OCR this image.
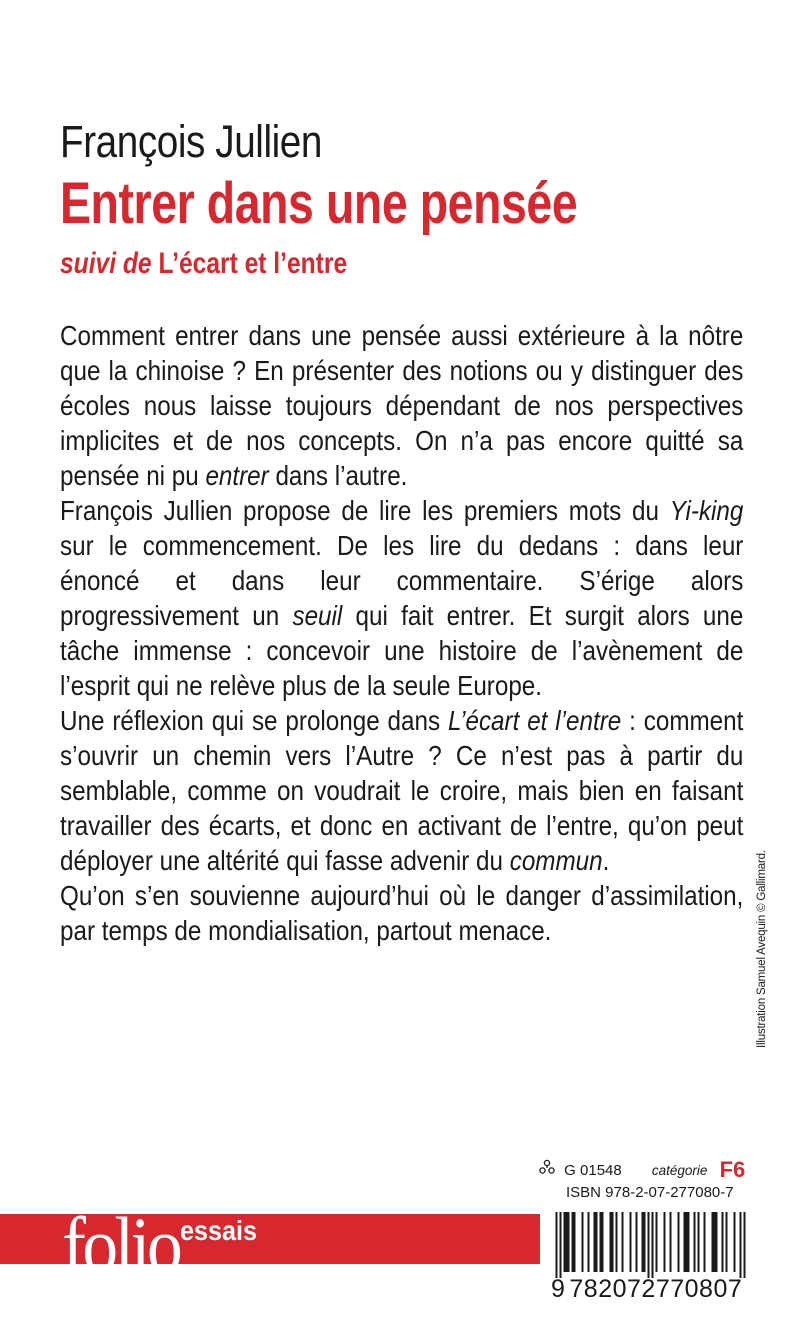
François Jullien
Entrer dans une pensée
suivi de L’écart et l’entre

Comment entrer dans une pensée aussi extérieure à la nôtre que la chinoise ? En présenter des notions ou y distinguer des écoles nous laisse toujours dépendant de nos perspectives implicites et de nos concepts. On n’a pas encore quitté sa pensée ni pu entrer dans l’autre.

François Jullien propose de lire les premiers mots du Yi-king sur le commencement. De les lire du dedans : dans leur énoncé et dans leur commentaire. S’érige alors progressivement un seuil qui fait entrer. Et surgit alors une tâche immense : concevoir une histoire de l’avènement de l’esprit qui ne relève plus de la seule Europe.

Une réflexion qui se prolonge dans L’écart et l’entre : comment s’ouvrir un chemin vers l’Autre ? Ce n’est pas à partir du semblable, comme on voudrait le croire, mais bien en faisant travailler des écarts, et donc en activant de l’entre, qu’on peut déployer une altérité qui fasse advenir du commun.

Qu’on s’en souvienne aujourd’hui où le danger d’assimilation, par temps de mondialisation, partout menace.	Illustration Samuel Avequin © Gallimard.
G 01548 catégorie F6
ISBN 978-2-07-277080-7
folio essais
9 782072770807
